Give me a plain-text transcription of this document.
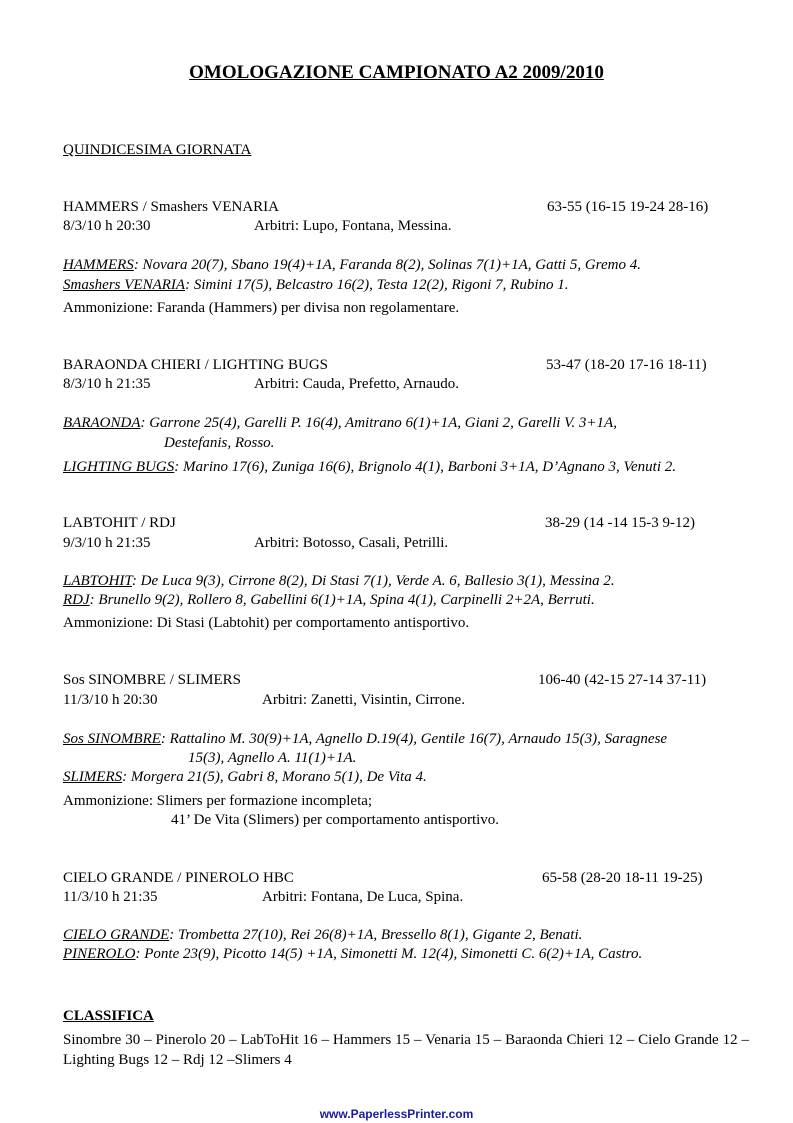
OMOLOGAZIONE CAMPIONATO A2 2009/2010
QUINDICESIMA GIORNATA
HAMMERS / Smashers VENARIA	63-55 (16-15 19-24 28-16)
8/3/10 h 20:30	Arbitri: Lupo, Fontana, Messina.
HAMMERS: Novara 20(7), Sbano 19(4)+1A, Faranda 8(2), Solinas 7(1)+1A, Gatti 5, Gremo 4.
Smashers VENARIA: Simini 17(5), Belcastro 16(2), Testa 12(2), Rigoni 7, Rubino 1.
Ammonizione: Faranda (Hammers) per divisa non regolamentare.
BARAONDA CHIERI / LIGHTING BUGS	53-47 (18-20 17-16 18-11)
8/3/10 h 21:35	Arbitri: Cauda, Prefetto, Arnaudo.
BARAONDA: Garrone 25(4), Garelli P. 16(4), Amitrano 6(1)+1A, Giani 2, Garelli V. 3+1A,
Destefanis, Rosso.
LIGHTING BUGS: Marino 17(6), Zuniga 16(6), Brignolo 4(1), Barboni 3+1A, D’Agnano 3, Venuti 2.
LABTOHIT / RDJ	38-29 (14 -14 15-3 9-12)
9/3/10 h 21:35	Arbitri: Botosso, Casali, Petrilli.
LABTOHIT: De Luca 9(3), Cirrone 8(2), Di Stasi 7(1), Verde A. 6, Ballesio 3(1), Messina 2.
RDJ: Brunello 9(2), Rollero 8, Gabellini 6(1)+1A, Spina 4(1), Carpinelli 2+2A, Berruti.
Ammonizione: Di Stasi (Labtohit) per comportamento antisportivo.
Sos SINOMBRE / SLIMERS	106-40 (42-15 27-14 37-11)
11/3/10 h 20:30	Arbitri: Zanetti, Visintin, Cirrone.
Sos SINOMBRE: Rattalino M. 30(9)+1A, Agnello D.19(4), Gentile 16(7), Arnaudo 15(3), Saragnese
15(3), Agnello A. 11(1)+1A.
SLIMERS: Morgera 21(5), Gabri 8, Morano 5(1), De Vita 4.
Ammonizione: Slimers per formazione incompleta;
41’ De Vita (Slimers) per comportamento antisportivo.
CIELO GRANDE / PINEROLO HBC	65-58 (28-20 18-11 19-25)
11/3/10 h 21:35	Arbitri: Fontana, De Luca, Spina.
CIELO GRANDE: Trombetta 27(10), Rei 26(8)+1A, Bressello 8(1), Gigante 2, Benati.
PINEROLO: Ponte 23(9), Picotto 14(5) +1A, Simonetti M. 12(4), Simonetti C. 6(2)+1A, Castro.
CLASSIFICA
Sinombre 30 – Pinerolo 20 – LabToHit 16 – Hammers 15 – Venaria 15 – Baraonda Chieri 12 – Cielo Grande 12 – Lighting Bugs 12 – Rdj 12 –Slimers 4
www.PaperlessPrinter.com
